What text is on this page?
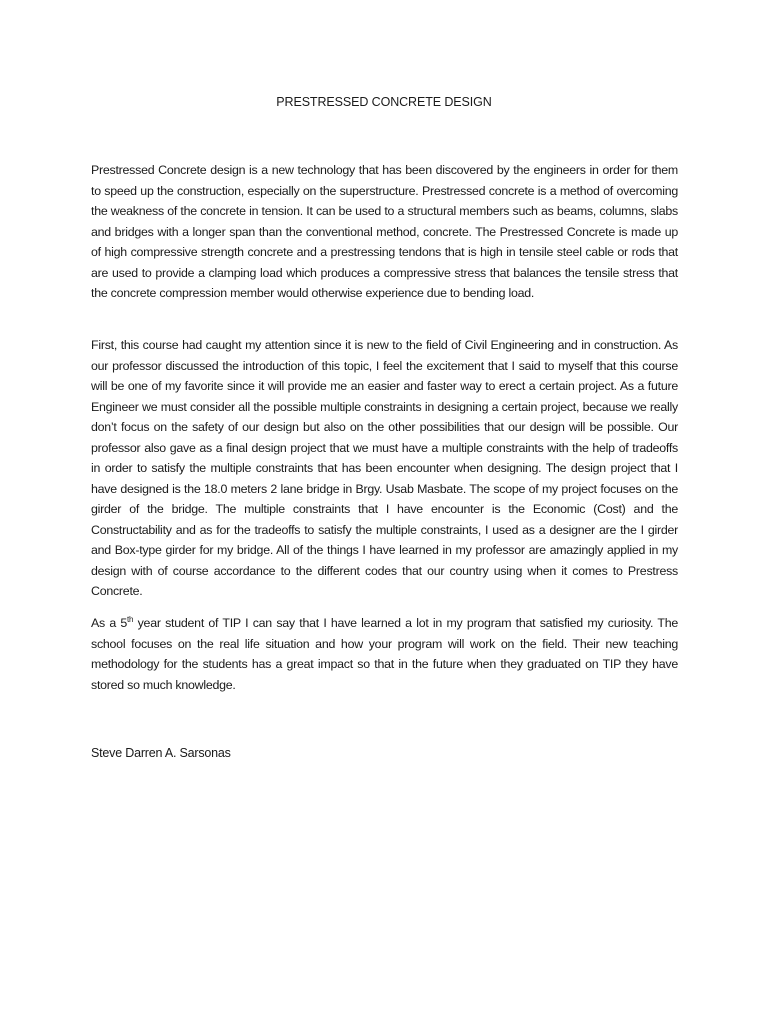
PRESTRESSED CONCRETE DESIGN

Prestressed Concrete design is a new technology that has been discovered by the engineers in order for them to speed up the construction, especially on the superstructure. Prestressed concrete is a method of overcoming the weakness of the concrete in tension. It can be used to a structural members such as beams, columns, slabs and bridges with a longer span than the conventional method, concrete. The Prestressed Concrete is made up of high compressive strength concrete and a prestressing tendons that is high in tensile steel cable or rods that are used to provide a clamping load which produces a compressive stress that balances the tensile stress that the concrete compression member would otherwise experience due to bending load.

First, this course had caught my attention since it is new to the field of Civil Engineering and in construction. As our professor discussed the introduction of this topic, I feel the excitement that I said to myself that this course will be one of my favorite since it will provide me an easier and faster way to erect a certain project. As a future Engineer we must consider all the possible multiple constraints in designing a certain project, because we really don’t focus on the safety of our design but also on the other possibilities that our design will be possible. Our professor also gave as a final design project that we must have a multiple constraints with the help of tradeoffs in order to satisfy the multiple constraints that has been encounter when designing. The design project that I have designed is the 18.0 meters 2 lane bridge in Brgy. Usab Masbate. The scope of my project focuses on the girder of the bridge. The multiple constraints that I have encounter is the Economic (Cost) and the Constructability and as for the tradeoffs to satisfy the multiple constraints, I used as a designer are the I girder and Box-type girder for my bridge. All of the things I have learned in my professor are amazingly applied in my design with of course accordance to the different codes that our country using when it comes to Prestress Concrete.

As a 5th year student of TIP I can say that I have learned a lot in my program that satisfied my curiosity. The school focuses on the real life situation and how your program will work on the field. Their new teaching methodology for the students has a great impact so that in the future when they graduated on TIP they have stored so much knowledge.

Steve Darren A. Sarsonas
